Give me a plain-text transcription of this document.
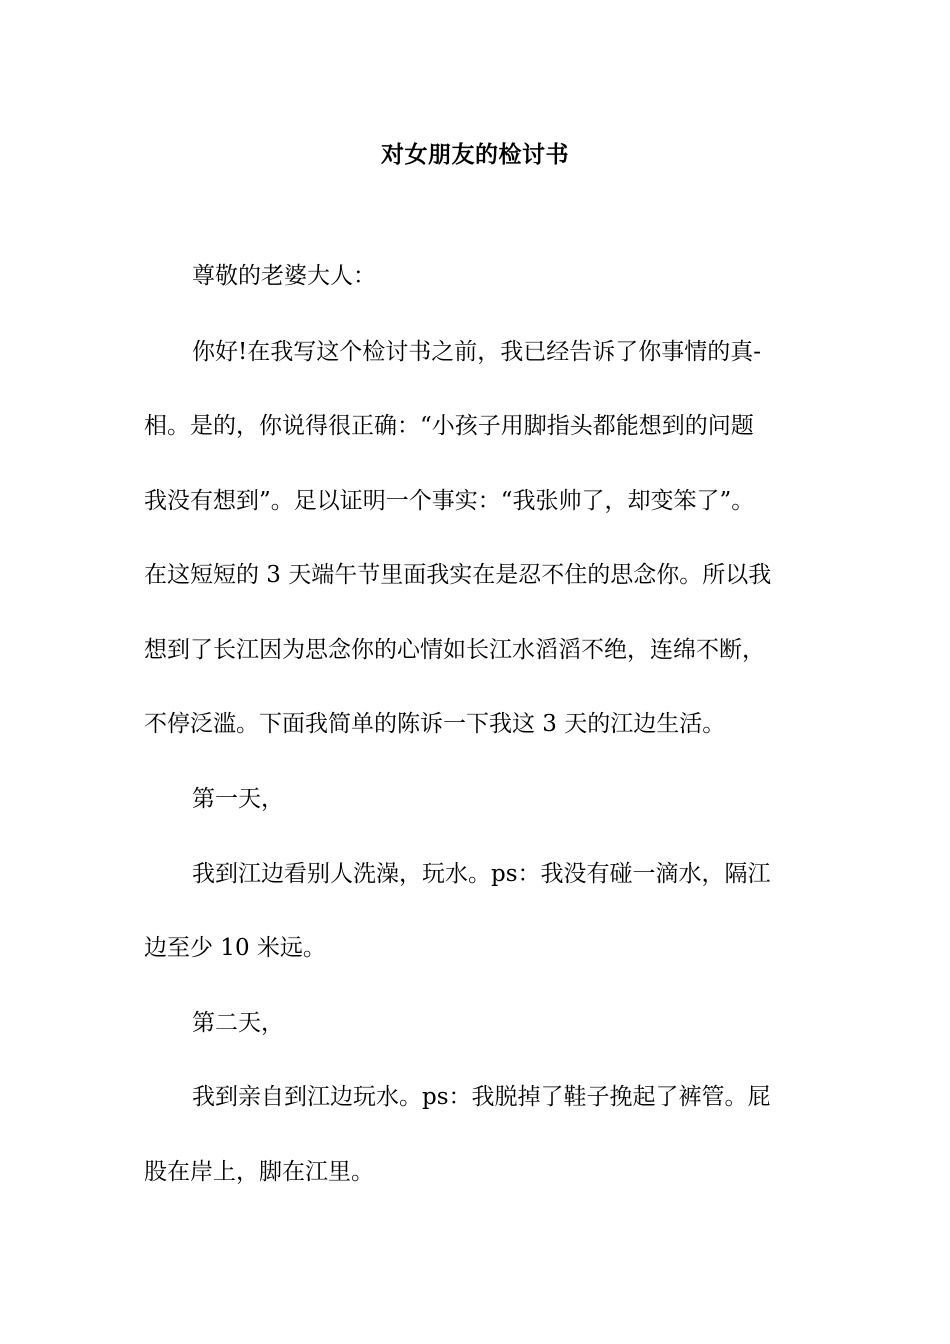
对女朋友的检讨书
尊敬的老婆大人：
你好!在我写这个检讨书之前，我已经告诉了你事情的真-
相。是的，你说得很正确：“小孩子用脚指头都能想到的问题
我没有想到”。足以证明一个事实：“我张帅了，却变笨了”。
在这短短的 3 天端午节里面我实在是忍不住的思念你。所以我
想到了长江因为思念你的心情如长江水滔滔不绝，连绵不断，
不停泛滥。下面我简单的陈诉一下我这 3 天的江边生活。
第一天，
我到江边看别人洗澡，玩水。ps：我没有碰一滴水，隔江
边至少 10 米远。
第二天，
我到亲自到江边玩水。ps：我脱掉了鞋子挽起了裤管。屁
股在岸上，脚在江里。
